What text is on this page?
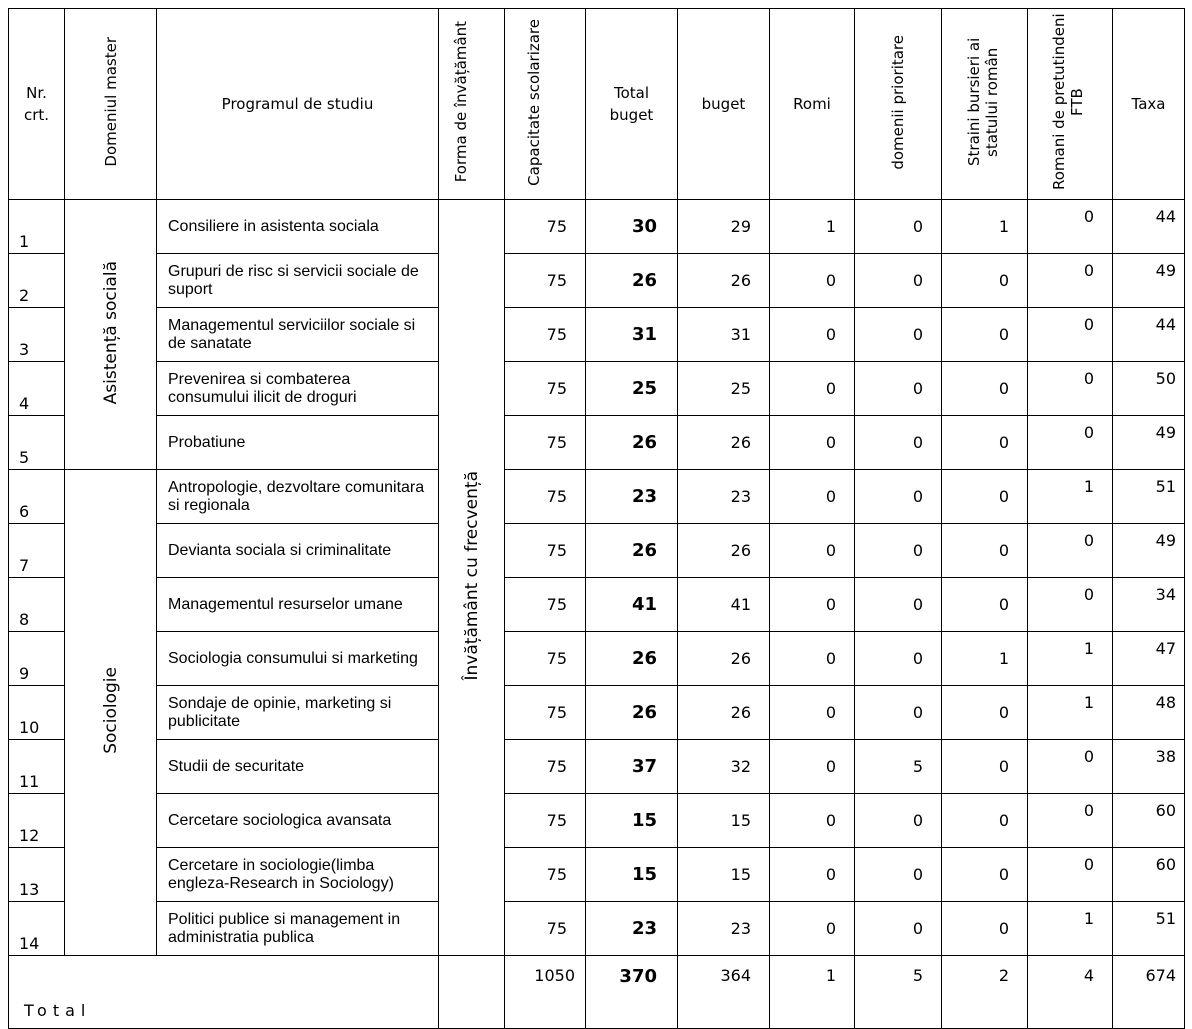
Nr. crt.	Domeniul master	Programul de studiu	Forma de învățământ	Capacitate scolarizare	Total buget	buget	Romi	domenii prioritare	Straini bursieri ai statului român	Romani de pretutindeni FTB	Taxa

1	Asistență socială	Consiliere in asistenta sociala	Învățământ cu frecvență	75	30	29	1	0	1	0	44
2		Grupuri de risc si servicii sociale de suport		75	26	26	0	0	0	0	49
3		Managementul serviciilor sociale si de sanatate		75	31	31	0	0	0	0	44
4		Prevenirea si combaterea consumului ilicit de droguri		75	25	25	0	0	0	0	50
5		Probatiune		75	26	26	0	0	0	0	49
6	Sociologie	Antropologie, dezvoltare comunitara si regionala		75	23	23	0	0	0	1	51
7		Devianta sociala si criminalitate		75	26	26	0	0	0	0	49
8		Managementul resurselor umane		75	41	41	0	0	0	0	34
9		Sociologia consumului si marketing		75	26	26	0	0	1	1	47
10		Sondaje de opinie, marketing si publicitate		75	26	26	0	0	0	1	48
11		Studii de securitate		75	37	32	0	5	0	0	38
12		Cercetare sociologica avansata		75	15	15	0	0	0	0	60
13		Cercetare in sociologie(limba engleza-Research in Sociology)		75	15	15	0	0	0	0	60
14		Politici publice si management in administratia publica		75	23	23	0	0	0	1	51
Total				1050	370	364	1	5	2	4	674
